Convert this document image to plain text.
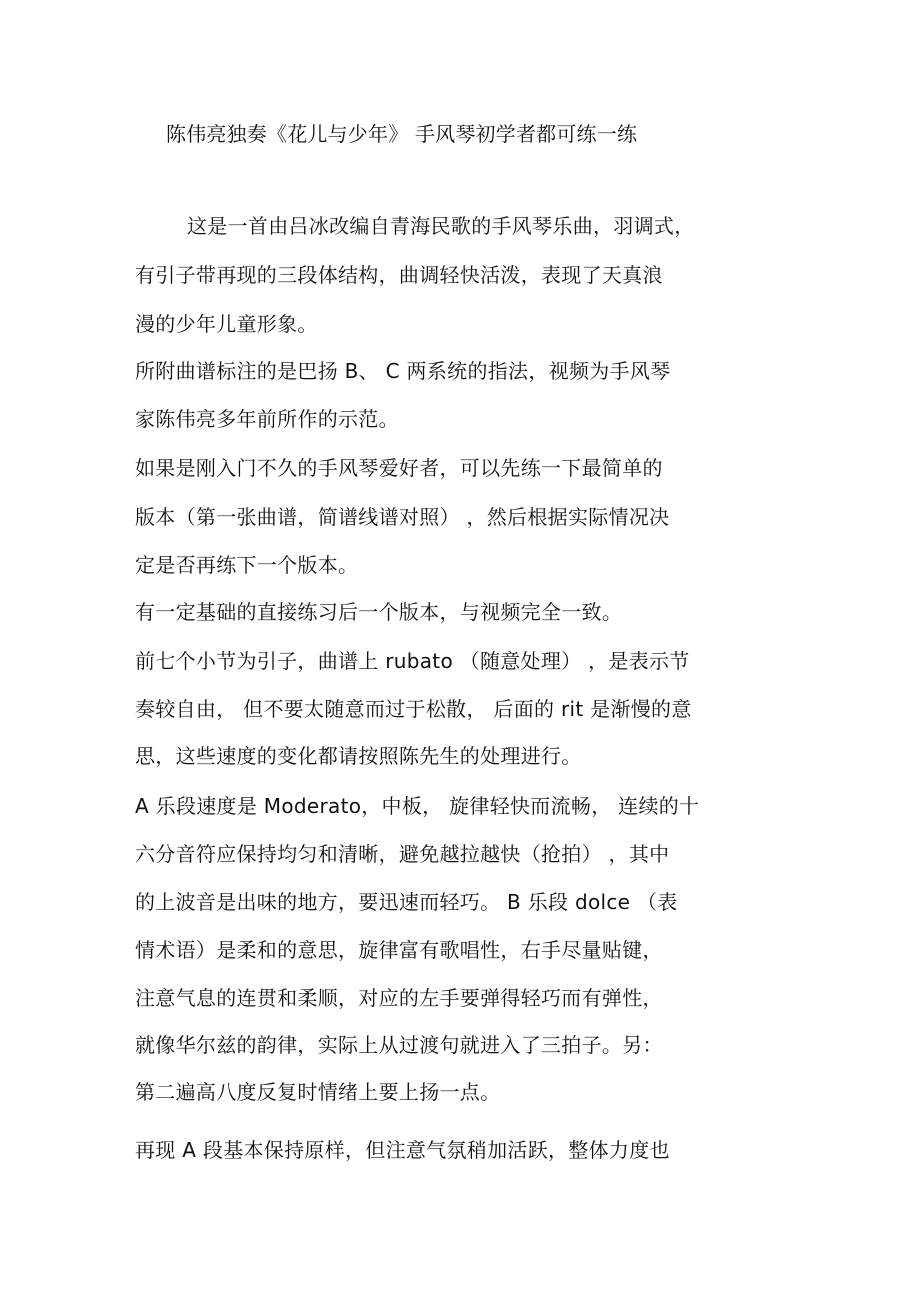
陈伟亮独奏《花儿与少年》 手风琴初学者都可练一练
这是一首由吕冰改编自青海民歌的手风琴乐曲，羽调式，
有引子带再现的三段体结构，曲调轻快活泼，表现了天真浪
漫的少年儿童形象。
所附曲谱标注的是巴扬 B、 C 两系统的指法，视频为手风琴
家陈伟亮多年前所作的示范。
如果是刚入门不久的手风琴爱好者，可以先练一下最简单的
版本（第一张曲谱，简谱线谱对照） ，然后根据实际情况决
定是否再练下一个版本。
有一定基础的直接练习后一个版本，与视频完全一致。
前七个小节为引子，曲谱上 rubato （随意处理） ，是表示节
奏较自由， 但不要太随意而过于松散， 后面的 rit 是渐慢的意
思，这些速度的变化都请按照陈先生的处理进行。
A 乐段速度是 Moderato，中板， 旋律轻快而流畅， 连续的十
六分音符应保持均匀和清晰，避免越拉越快（抢拍） ，其中
的上波音是出味的地方，要迅速而轻巧。 B 乐段 dolce （表
情术语）是柔和的意思，旋律富有歌唱性，右手尽量贴键，
注意气息的连贯和柔顺，对应的左手要弹得轻巧而有弹性，
就像华尔兹的韵律，实际上从过渡句就进入了三拍子。另：
第二遍高八度反复时情绪上要上扬一点。
再现 A 段基本保持原样，但注意气氛稍加活跃，整体力度也
